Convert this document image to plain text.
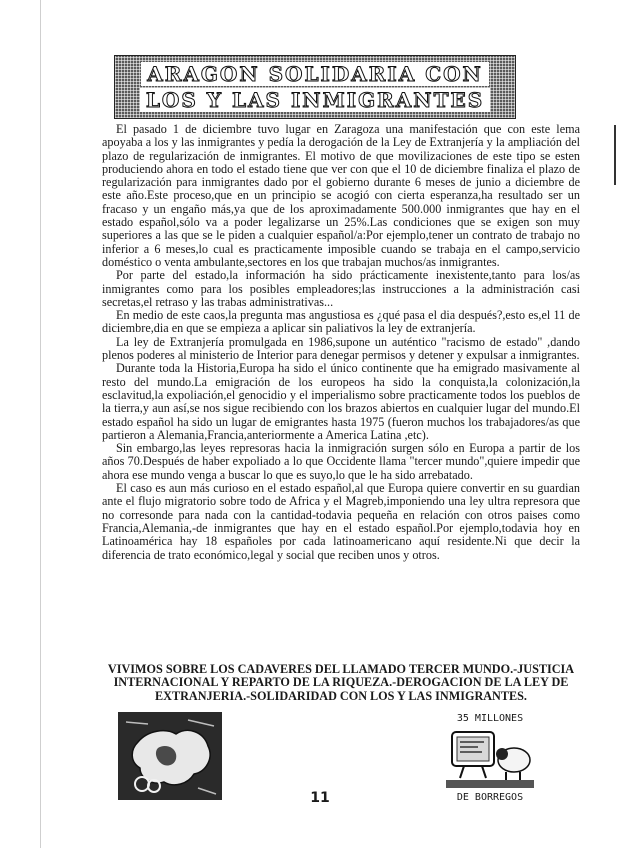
ARAGON SOLIDARIA CON
LOS Y LAS INMIGRANTES

El pasado 1 de diciembre tuvo lugar en Zaragoza una manifestación que con este lema apoyaba a los y las inmigrantes y pedía la derogación de la Ley de Extranjería y la ampliación del plazo de regularización de inmigrantes. El motivo de que movilizaciones de este tipo se esten produciendo ahora en todo el estado tiene que ver con que el 10 de diciembre finaliza el plazo de regularización para inmigrantes dado por el gobierno durante 6 meses de junio a diciembre de este año.Este proceso,que en un principio se acogió con cierta esperanza,ha resultado ser un fracaso y un engaño más,ya que de los aproximadamente 500.000 inmigrantes que hay en el estado español,sólo va a poder legalizarse un 25%.Las condiciones que se exigen son muy superiores a las que se le piden a cualquier español/a:Por ejemplo,tener un contrato de trabajo no inferior a 6 meses,lo cual es practicamente imposible cuando se trabaja en el campo,servicio doméstico o venta ambulante,sectores en los que trabajan muchos/as inmigrantes.

Por parte del estado,la información ha sido prácticamente inexistente,tanto para los/as inmigrantes como para los posibles empleadores;las instrucciones a la administración casi secretas,el retraso y las trabas administrativas...

En medio de este caos,la pregunta mas angustiosa es ¿qué pasa el dia después?,esto es,el 11 de diciembre,dia en que se empieza a aplicar sin paliativos la ley de extranjería.

La ley de Extranjería promulgada en 1986,supone un auténtico "racismo de estado" ,dando plenos poderes al ministerio de Interior para denegar permisos y detener y expulsar a inmigrantes.

Durante toda la Historia,Europa ha sido el único continente que ha emigrado masivamente al resto del mundo.La emigración de los europeos ha sido la conquista,la colonización,la esclavitud,la expoliación,el genocidio y el imperialismo sobre practicamente todos los pueblos de la tierra,y aun así,se nos sigue recibiendo con los brazos abiertos en cualquier lugar del mundo.El estado español ha sido un lugar de emigrantes hasta 1975 (fueron muchos los trabajadores/as que partieron a Alemania,Francia,anteriormente a America Latina ,etc).

Sin embargo,las leyes represoras hacia la inmigración surgen sólo en Europa a partir de los años 70.Después de haber expoliado a lo que Occidente llama "tercer mundo",quiere impedir que ahora ese mundo venga a buscar lo que es suyo,lo que le ha sido arrebatado.

El caso es aun más curioso en el estado español,al que Europa quiere convertir en su guardian ante el flujo migratorio sobre todo de Africa y el Magreb,imponiendo una ley ultra represora que no corresonde para nada con la cantidad-todavia pequeña en relación con otros paises como Francia,Alemania,-de inmigrantes que hay en el estado español.Por ejemplo,todavia hoy en Latinoamérica hay 18 españoles por cada latinoamericano aquí residente.Ni que decir la diferencia de trato económico,legal y social que reciben unos y otros.

VIVIMOS SOBRE LOS CADAVERES DEL LLAMADO TERCER MUNDO.-JUSTICIA INTERNACIONAL Y REPARTO DE LA RIQUEZA.-DEROGACION DE LA LEY DE EXTRANJERIA.-SOLIDARIDAD CON LOS Y LAS INMIGRANTES.
11
35 MILLONES
DE BORREGOS
